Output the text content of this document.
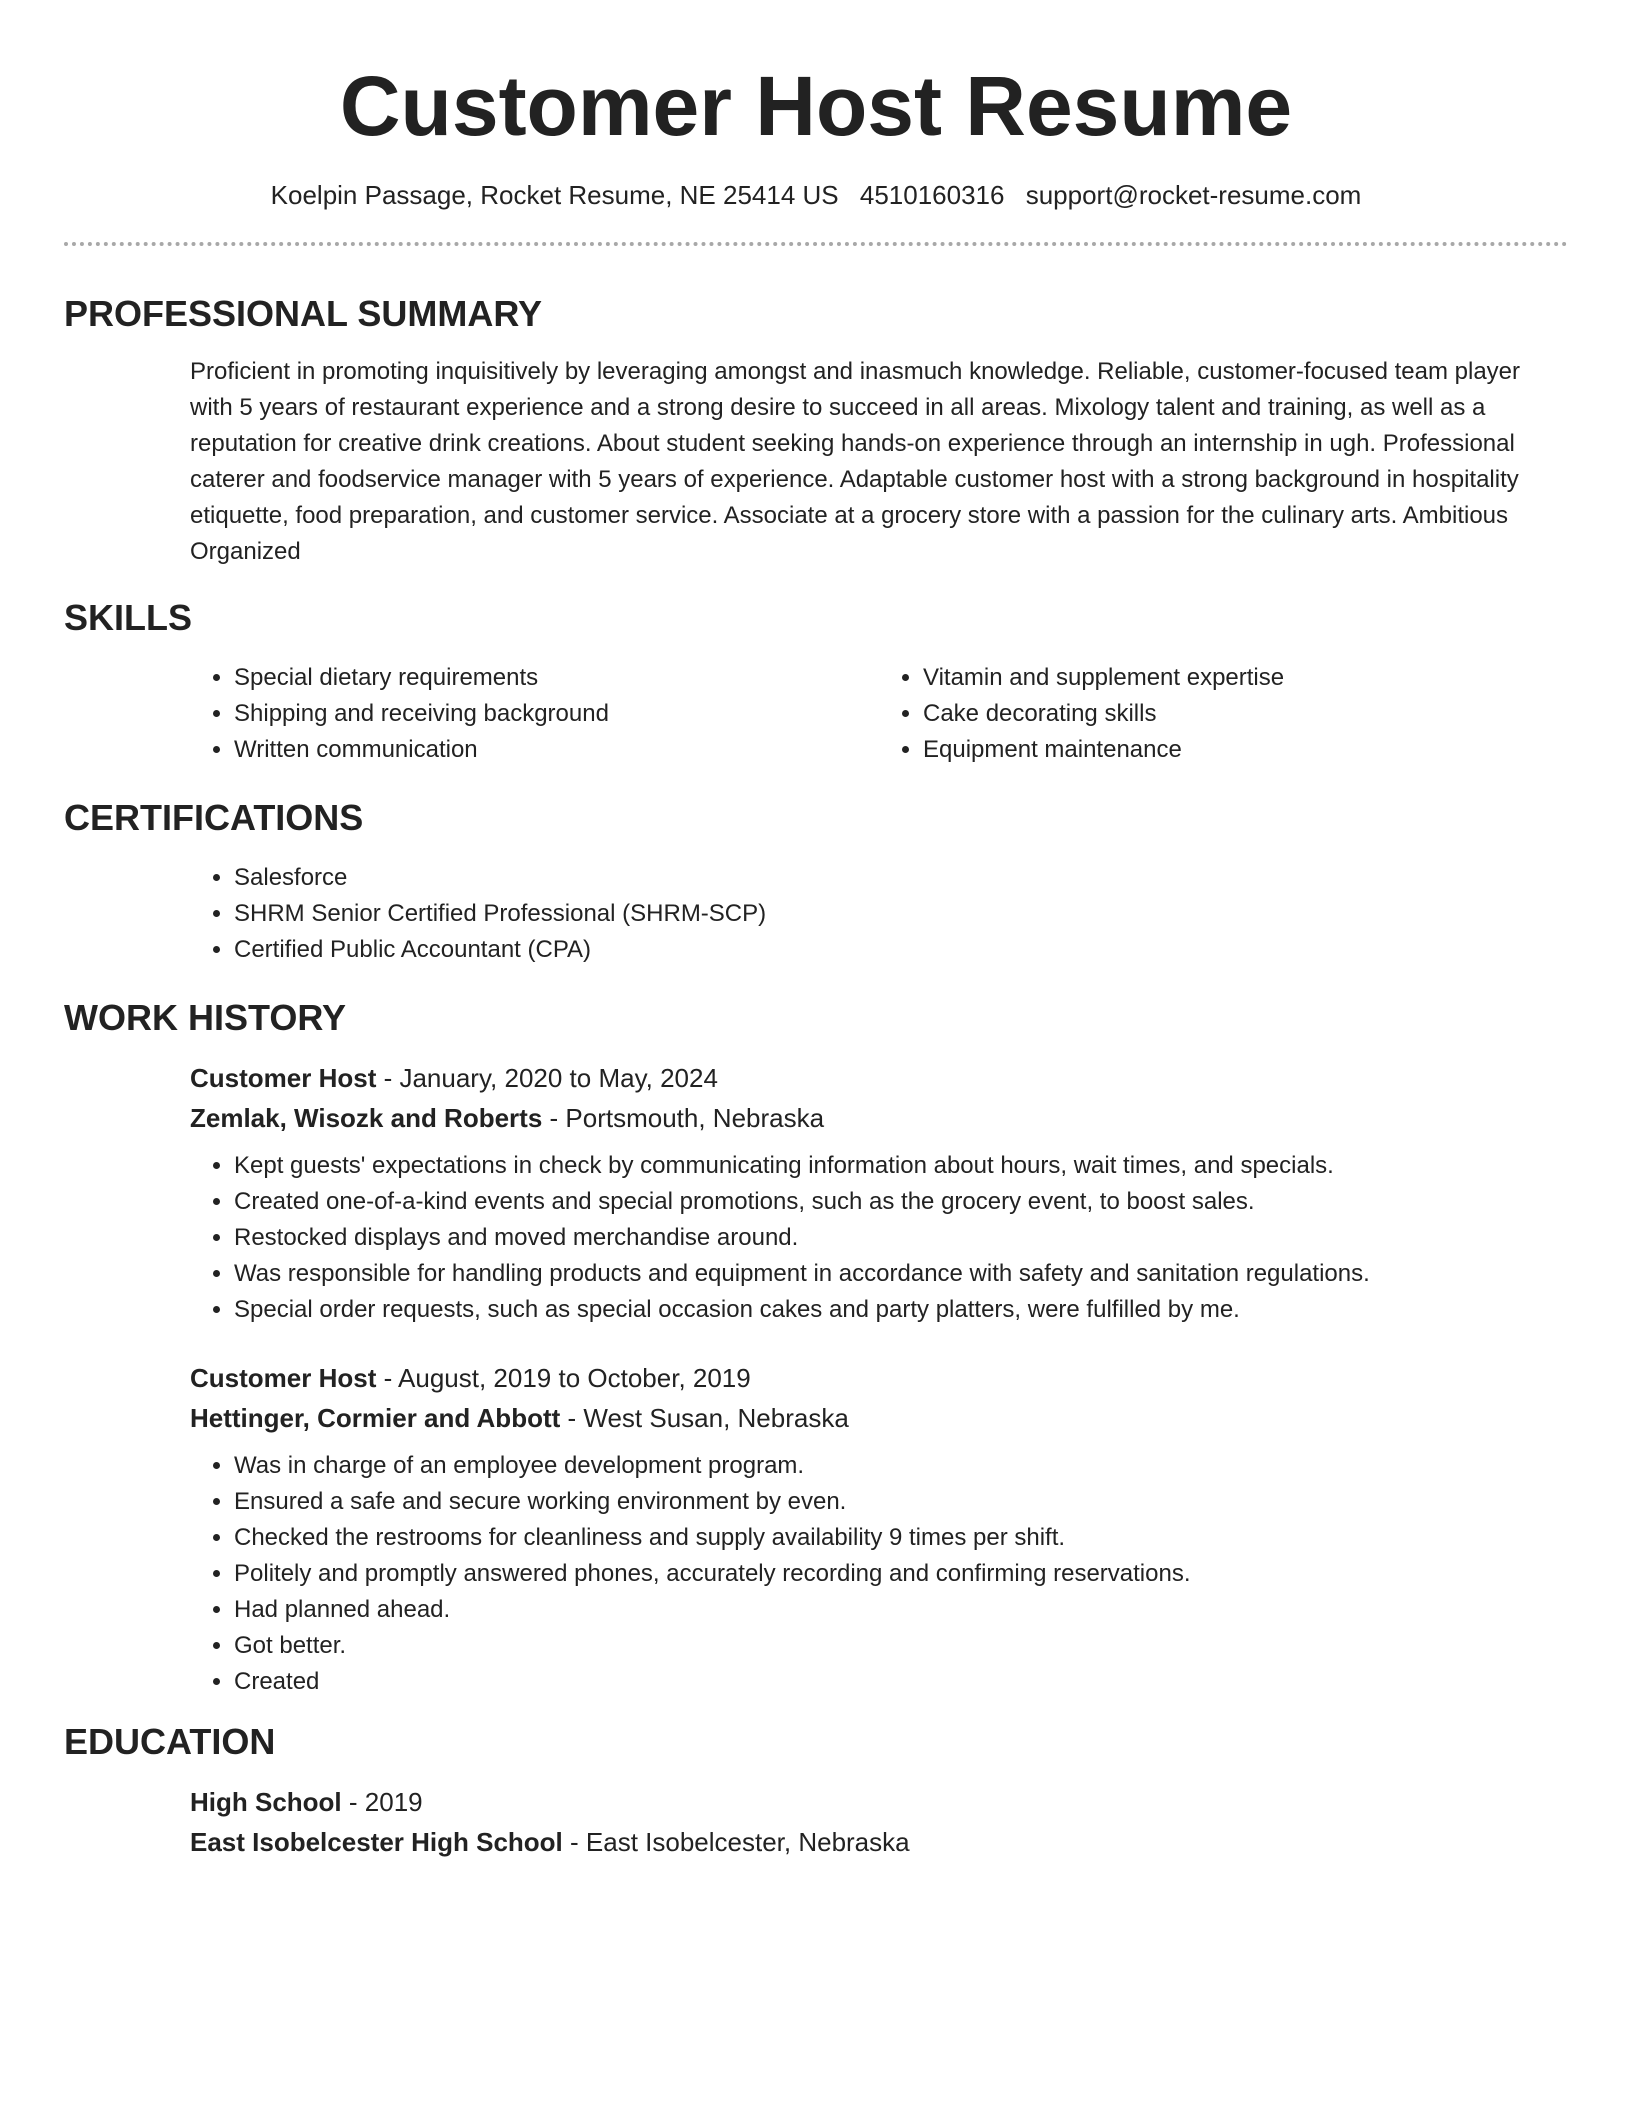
Customer Host Resume
Koelpin Passage, Rocket Resume, NE 25414 US 4510160316 support@rocket-resume.com
PROFESSIONAL SUMMARY

Proficient in promoting inquisitively by leveraging amongst and inasmuch knowledge. Reliable, customer-focused team player with 5 years of restaurant experience and a strong desire to succeed in all areas. Mixology talent and training, as well as a reputation for creative drink creations. About student seeking hands-on experience through an internship in ugh. Professional caterer and foodservice manager with 5 years of experience. Adaptable customer host with a strong background in hospitality etiquette, food preparation, and customer service. Associate at a grocery store with a passion for the culinary arts. Ambitious Organized

SKILLS
• Special dietary requirements
• Shipping and receiving background
• Written communication
• Vitamin and supplement expertise
• Cake decorating skills
• Equipment maintenance
CERTIFICATIONS
• Salesforce
• SHRM Senior Certified Professional (SHRM-SCP)
• Certified Public Accountant (CPA)
WORK HISTORY
Customer Host - January, 2020 to May, 2024
Zemlak, Wisozk and Roberts - Portsmouth, Nebraska
• Kept guests' expectations in check by communicating information about hours, wait times, and specials.
• Created one-of-a-kind events and special promotions, such as the grocery event, to boost sales.
• Restocked displays and moved merchandise around.
• Was responsible for handling products and equipment in accordance with safety and sanitation regulations.
• Special order requests, such as special occasion cakes and party platters, were fulfilled by me.
Customer Host - August, 2019 to October, 2019
Hettinger, Cormier and Abbott - West Susan, Nebraska
• Was in charge of an employee development program.
• Ensured a safe and secure working environment by even.
• Checked the restrooms for cleanliness and supply availability 9 times per shift.
• Politely and promptly answered phones, accurately recording and confirming reservations.
• Had planned ahead.
• Got better.
• Created
EDUCATION
High School - 2019
East Isobelcester High School - East Isobelcester, Nebraska
